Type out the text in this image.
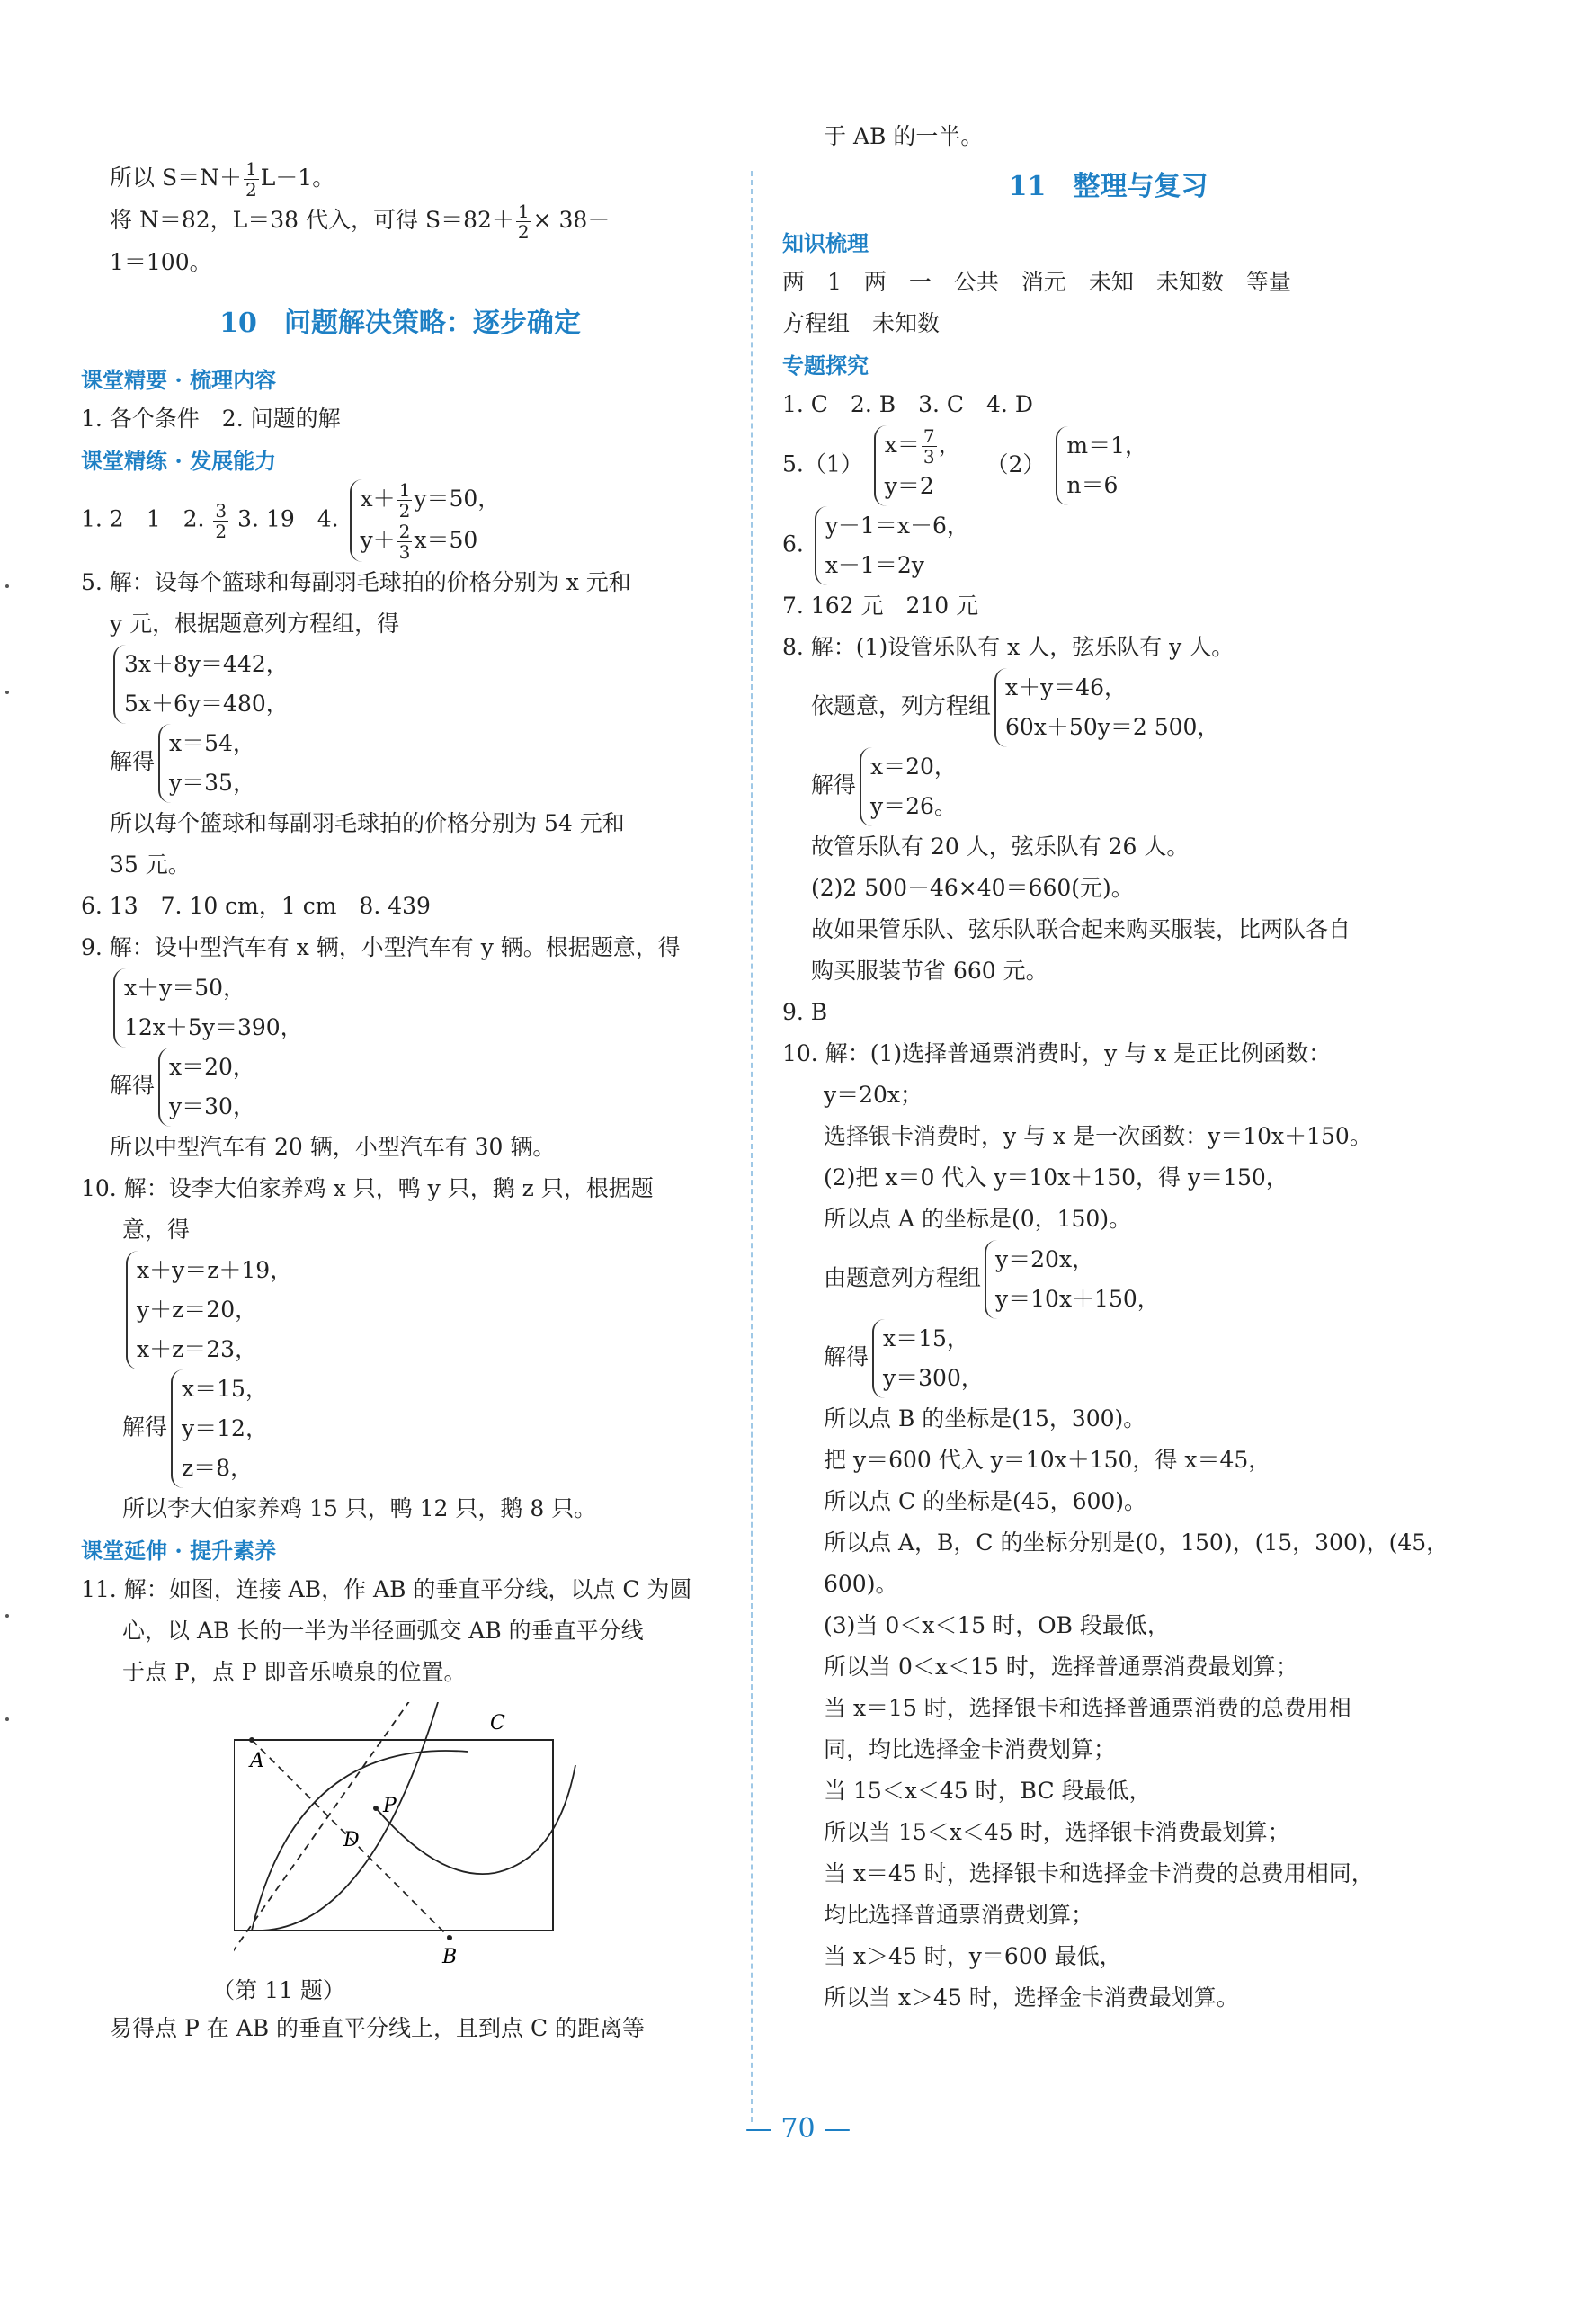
所以 $S=N+ \frac{1}{2} L-1$。
将 N＝82，L＝38 代入，可得 $S=82+ \frac{1}{2} \times 38-$
1＝100。
10　问题解决策略：逐步确定
课堂精要 · 梳理内容
1. 各个条件　2. 问题的解
课堂精练 · 发展能力
1. 2　1　2. $\frac{3}{2} 3$. 19　4.
$x+ \frac{1}{2} y=50$，
$y+ \frac{2}{3} x=50$
5. 解：设每个篮球和每副羽毛球拍的价格分别为 x 元和
y 元，根据题意列方程组，得
3x＋8y＝442，
5x＋6y＝480，
解得
x＝54，
y＝35，
所以每个篮球和每副羽毛球拍的价格分别为 54 元和
35 元。
6. 13　7. 10 cm，1 cm　8. 439
9. 解：设中型汽车有 x 辆，小型汽车有 y 辆。根据题意，得
x＋y＝50，
12x＋5y＝390，
解得
x＝20，
y＝30，
所以中型汽车有 20 辆，小型汽车有 30 辆。
10. 解：设李大伯家养鸡 x 只，鸭 y 只，鹅 z 只，根据题
意，得
x＋y＝z＋19，
y＋z＝20，
x＋z＝23，
解得
x＝15，
y＝12，
z＝8，
所以李大伯家养鸡 15 只，鸭 12 只，鹅 8 只。
课堂延伸 · 提升素养
11. 解：如图，连接 AB，作 AB 的垂直平分线，以点 C 为圆
心，以 AB 长的一半为半径画弧交 AB 的垂直平分线
于点 P，点 P 即音乐喷泉的位置。
A
B
C
D
P
（第 11 题）
易得点 P 在 AB 的垂直平分线上，且到点 C 的距离等
于 AB 的一半。
11　整理与复习
知识梳理
两　1　两　一　公共　消元　未知　未知数　等量
方程组　未知数
专题探究
1. C　2. B　3. C　4. D
5.（1）
$x= \frac{7}{3}$ ，
y＝2
（2）
m＝1，
n＝6
6.
y－1＝x－6，
x－1＝2y
7. 162 元　210 元
8. 解：(1)设管乐队有 x 人，弦乐队有 y 人。
依题意，列方程组
x＋y＝46，
60x＋50y＝2 500，
解得
x＝20，
y＝26。
故管乐队有 20 人，弦乐队有 26 人。
(2)2 500－46×40＝660(元)。
故如果管乐队、弦乐队联合起来购买服装，比两队各自
购买服装节省 660 元。
9. B
10. 解：(1)选择普通票消费时，y 与 x 是正比例函数：
y＝20x；
选择银卡消费时，y 与 x 是一次函数：y＝10x＋150。
(2)把 x＝0 代入 y＝10x＋150，得 y＝150，
所以点 A 的坐标是(0，150)。
由题意列方程组
y＝20x，
y＝10x＋150，
解得
x＝15，
y＝300，
所以点 B 的坐标是(15，300)。
把 y＝600 代入 y＝10x＋150，得 x＝45，
所以点 C 的坐标是(45，600)。
所以点 A，B，C 的坐标分别是(0，150)，(15，300)，(45，
600)。
(3)当 0＜x＜15 时，OB 段最低，
所以当 0＜x＜15 时，选择普通票消费最划算；
当 x＝15 时，选择银卡和选择普通票消费的总费用相
同，均比选择金卡消费划算；
当 15＜x＜45 时，BC 段最低，
所以当 15＜x＜45 时，选择银卡消费最划算；
当 x＝45 时，选择银卡和选择金卡消费的总费用相同，
均比选择普通票消费划算；
当 x＞45 时，y＝600 最低，
所以当 x＞45 时，选择金卡消费最划算。
— 70 —
